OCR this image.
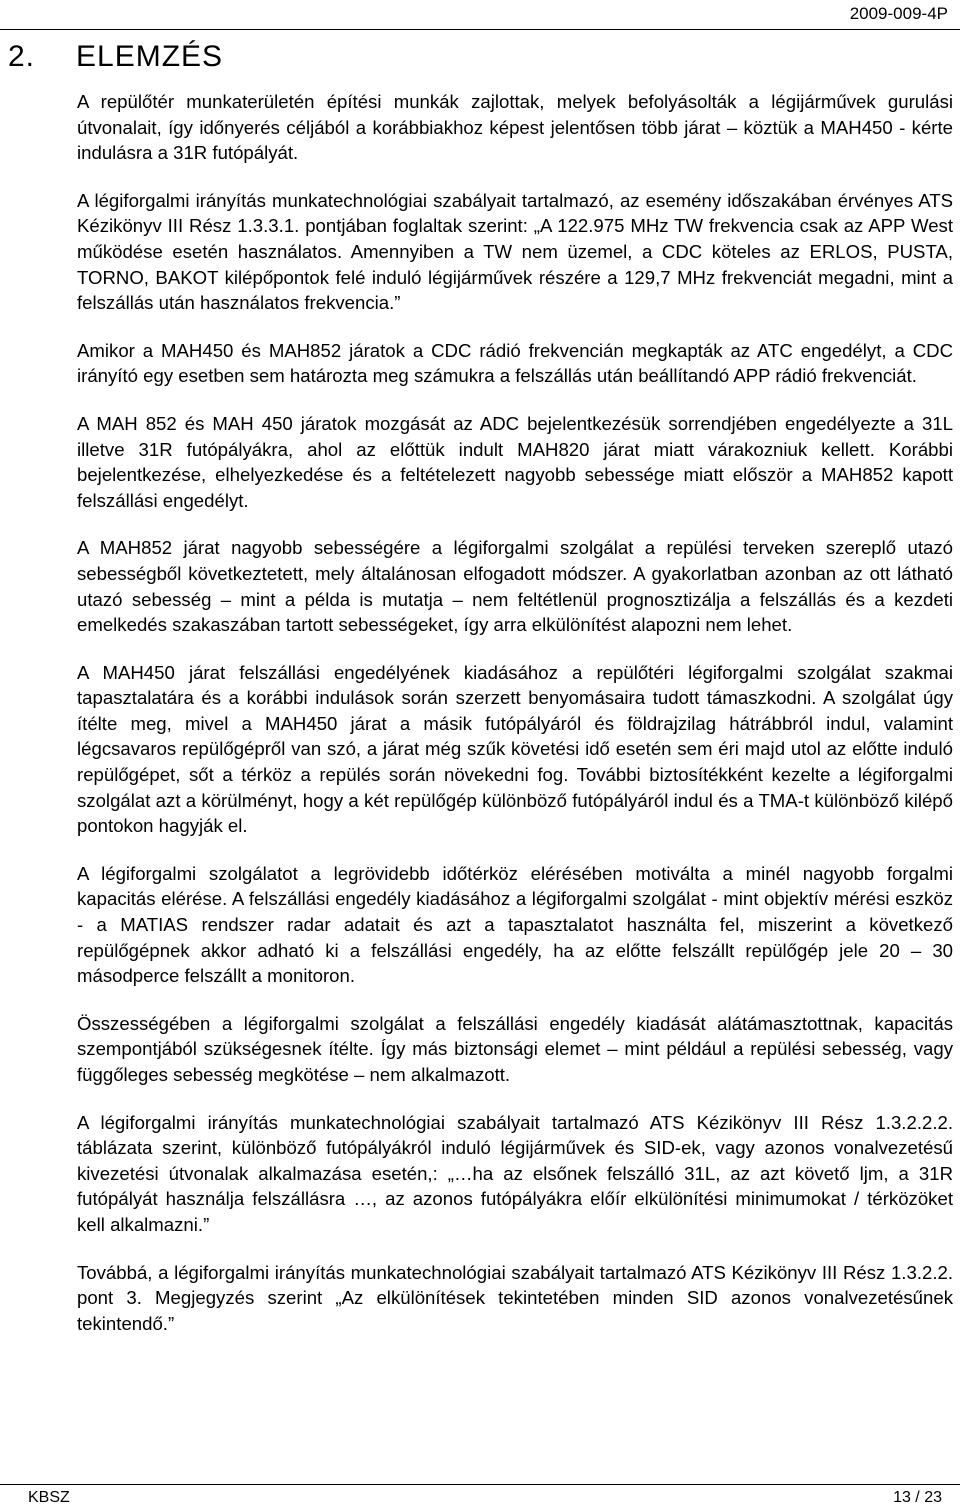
2009-009-4P
2. ELEMZÉS

A repülőtér munkaterületén építési munkák zajlottak, melyek befolyásolták a légijárművek gurulási útvonalait, így időnyerés céljából a korábbiakhoz képest jelentősen több járat – köztük a MAH450 - kérte indulásra a 31R futópályát.

A légiforgalmi irányítás munkatechnológiai szabályait tartalmazó, az esemény időszakában érvényes ATS Kézikönyv III Rész 1.3.3.1. pontjában foglaltak szerint: „A 122.975 MHz TW frekvencia csak az APP West működése esetén használatos. Amennyiben a TW nem üzemel, a CDC köteles az ERLOS, PUSTA, TORNO, BAKOT kilépőpontok felé induló légijárművek részére a 129,7 MHz frekvenciát megadni, mint a felszállás után használatos frekvencia.”

Amikor a MAH450 és MAH852 járatok a CDC rádió frekvencián megkapták az ATC engedélyt, a CDC irányító egy esetben sem határozta meg számukra a felszállás után beállítandó APP rádió frekvenciát.

A MAH 852 és MAH 450 járatok mozgását az ADC bejelentkezésük sorrendjében engedélyezte a 31L illetve 31R futópályákra, ahol az előttük indult MAH820 járat miatt várakozniuk kellett. Korábbi bejelentkezése, elhelyezkedése és a feltételezett nagyobb sebessége miatt először a MAH852 kapott felszállási engedélyt.

A MAH852 járat nagyobb sebességére a légiforgalmi szolgálat a repülési terveken szereplő utazó sebességből következtetett, mely általánosan elfogadott módszer. A gyakorlatban azonban az ott látható utazó sebesség – mint a példa is mutatja – nem feltétlenül prognosztizálja a felszállás és a kezdeti emelkedés szakaszában tartott sebességeket, így arra elkülönítést alapozni nem lehet.

A MAH450 járat felszállási engedélyének kiadásához a repülőtéri légiforgalmi szolgálat szakmai tapasztalatára és a korábbi indulások során szerzett benyomásaira tudott támaszkodni. A szolgálat úgy ítélte meg, mivel a MAH450 járat a másik futópályáról és földrajzilag hátrábbról indul, valamint légcsavaros repülőgépről van szó, a járat még szűk követési idő esetén sem éri majd utol az előtte induló repülőgépet, sőt a térköz a repülés során növekedni fog. További biztosítékként kezelte a légiforgalmi szolgálat azt a körülményt, hogy a két repülőgép különböző futópályáról indul és a TMA-t különböző kilépő pontokon hagyják el.

A légiforgalmi szolgálatot a legrövidebb időtérköz elérésében motiválta a minél nagyobb forgalmi kapacitás elérése. A felszállási engedély kiadásához a légiforgalmi szolgálat - mint objektív mérési eszköz - a MATIAS rendszer radar adatait és azt a tapasztalatot használta fel, miszerint a következő repülőgépnek akkor adható ki a felszállási engedély, ha az előtte felszállt repülőgép jele 20 – 30 másodperce felszállt a monitoron.

Összességében a légiforgalmi szolgálat a felszállási engedély kiadását alátámasztottnak, kapacitás szempontjából szükségesnek ítélte. Így más biztonsági elemet – mint például a repülési sebesség, vagy függőleges sebesség megkötése – nem alkalmazott.

A légiforgalmi irányítás munkatechnológiai szabályait tartalmazó ATS Kézikönyv III Rész 1.3.2.2.2. táblázata szerint, különböző futópályákról induló légijárművek és SID-ek, vagy azonos vonalvezetésű kivezetési útvonalak alkalmazása esetén,: „…ha az elsőnek felszálló 31L, az azt követő ljm, a 31R futópályát használja felszállásra …, az azonos futópályákra előír elkülönítési minimumokat / térközöket kell alkalmazni.”

Továbbá, a légiforgalmi irányítás munkatechnológiai szabályait tartalmazó ATS Kézikönyv III Rész 1.3.2.2. pont 3. Megjegyzés szerint „Az elkülönítések tekintetében minden SID azonos vonalvezetésűnek tekintendő.”

KBSZ	13 / 23
